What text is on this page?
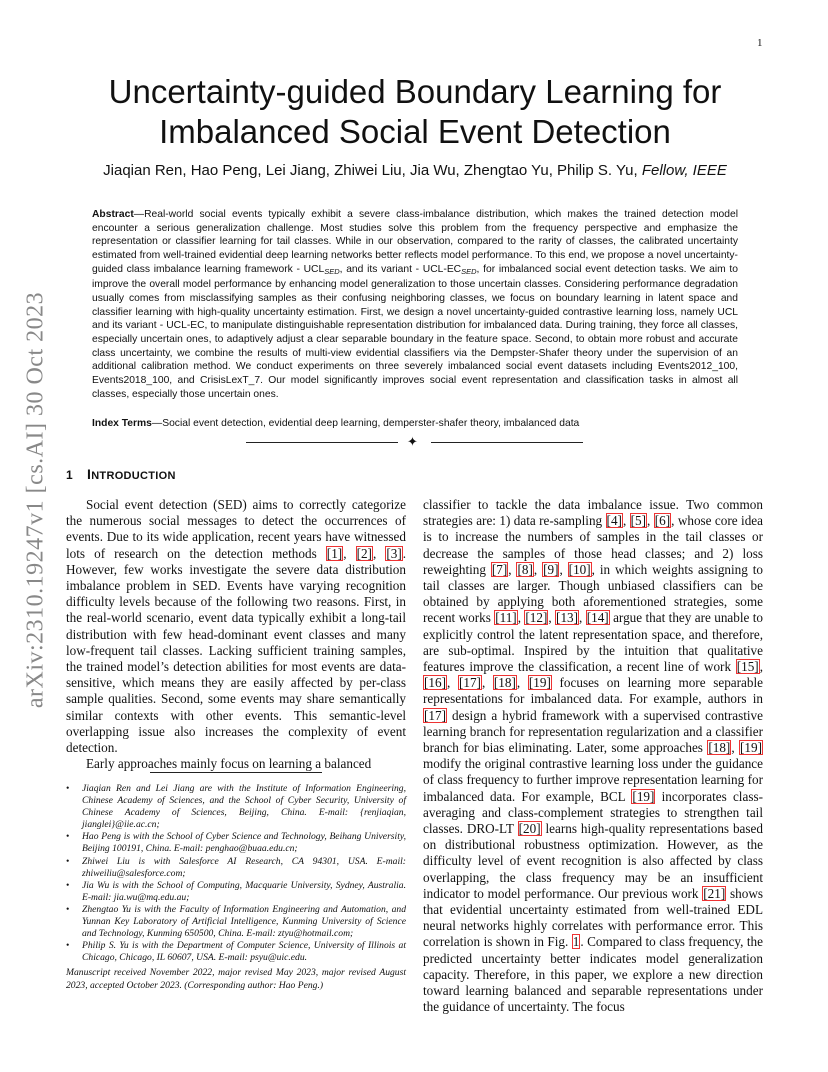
1
arXiv:2310.19247v1 [cs.AI] 30 Oct 2023
Uncertainty-guided Boundary Learning for
Imbalanced Social Event Detection
Jiaqian Ren, Hao Peng, Lei Jiang, Zhiwei Liu, Jia Wu, Zhengtao Yu, Philip S. Yu, Fellow, IEEE
Abstract—Real-world social events typically exhibit a severe class-imbalance distribution, which makes the trained detection model encounter a serious generalization challenge. Most studies solve this problem from the frequency perspective and emphasize the representation or classifier learning for tail classes. While in our observation, compared to the rarity of classes, the calibrated uncertainty estimated from well-trained evidential deep learning networks better reflects model performance. To this end, we propose a novel uncertainty-guided class imbalance learning framework - $UCL_{SED}$, and its variant - UCL-$EC_{SED}$, for imbalanced social event detection tasks. We aim to improve the overall model performance by enhancing model generalization to those uncertain classes. Considering performance degradation usually comes from misclassifying samples as their confusing neighboring classes, we focus on boundary learning in latent space and classifier learning with high-quality uncertainty estimation. First, we design a novel uncertainty-guided contrastive learning loss, namely UCL and its variant - UCL-EC, to manipulate distinguishable representation distribution for imbalanced data. During training, they force all classes, especially uncertain ones, to adaptively adjust a clear separable boundary in the feature space. Second, to obtain more robust and accurate class uncertainty, we combine the results of multi-view evidential classifiers via the Dempster-Shafer theory under the supervision of an additional calibration method. We conduct experiments on three severely imbalanced social event datasets including Events2012_100, Events2018_100, and CrisisLexT_7. Our model significantly improves social event representation and classification tasks in almost all classes, especially those uncertain ones.
Index Terms—Social event detection, evidential deep learning, demperster-shafer theory, imbalanced data
✦
1 INTRODUCTION

Social event detection (SED) aims to correctly categorize the numerous social messages to detect the occurrences of events. Due to its wide application, recent years have witnessed lots of research on the detection methods [1], [2], [3]. However, few works investigate the severe data distribution imbalance problem in SED. Events have varying recognition difficulty levels because of the following two reasons. First, in the real-world scenario, event data typically exhibit a long-tail distribution with few head-dominant event classes and many low-frequent tail classes. Lacking sufficient training samples, the trained model’s detection abilities for most events are data-sensitive, which means they are easily affected by per-class sample qualities. Second, some events may share semantically similar contexts with other events. This semantic-level overlapping issue also increases the complexity of event detection.

Early approaches mainly focus on learning a balanced

• Jiaqian Ren and Lei Jiang are with the Institute of Information Engineering, Chinese Academy of Sciences, and the School of Cyber Security, University of Chinese Academy of Sciences, Beijing, China. E-mail: {renjiaqian, jianglei}@iie.ac.cn;
• Hao Peng is with the School of Cyber Science and Technology, Beihang University, Beijing 100191, China. E-mail: penghao@buaa.edu.cn;
• Zhiwei Liu is with Salesforce AI Research, CA 94301, USA. E-mail: zhiweiliu@salesforce.com;
• Jia Wu is with the School of Computing, Macquarie University, Sydney, Australia. E-mail: jia.wu@mq.edu.au;
• Zhengtao Yu is with the Faculty of Information Engineering and Automation, and Yunnan Key Laboratory of Artificial Intelligence, Kunming University of Science and Technology, Kunming 650500, China. E-mail: ztyu@hotmail.com;
• Philip S. Yu is with the Department of Computer Science, University of Illinois at Chicago, Chicago, IL 60607, USA. E-mail: psyu@uic.edu.
Manuscript received November 2022, major revised May 2023, major revised August 2023, accepted October 2023. (Corresponding author: Hao Peng.)

classifier to tackle the data imbalance issue. Two common strategies are: 1) data re-sampling [4], [5], [6], whose core idea is to increase the numbers of samples in the tail classes or decrease the samples of those head classes; and 2) loss reweighting [7], [8], [9], [10], in which weights assigning to tail classes are larger. Though unbiased classifiers can be obtained by applying both aforementioned strategies, some recent works [11], [12], [13], [14] argue that they are unable to explicitly control the latent representation space, and therefore, are sub-optimal. Inspired by the intuition that qualitative features improve the classification, a recent line of work [15], [16], [17], [18], [19] focuses on learning more separable representations for imbalanced data. For example, authors in [17] design a hybrid framework with a supervised contrastive learning branch for representation regularization and a classifier branch for bias eliminating. Later, some approaches [18], [19] modify the original contrastive learning loss under the guidance of class frequency to further improve representation learning for imbalanced data. For example, BCL [19] incorporates class-averaging and class-complement strategies to strengthen tail classes. DRO-LT [20] learns high-quality representations based on distributional robustness optimization. However, as the difficulty level of event recognition is also affected by class overlapping, the class frequency may be an insufficient indicator to model performance. Our previous work [21] shows that evidential uncertainty estimated from well-trained EDL neural networks highly correlates with performance error. This correlation is shown in Fig. 1. Compared to class frequency, the predicted uncertainty better indicates model generalization capacity. Therefore, in this paper, we explore a new direction toward learning balanced and separable representations under the guidance of uncertainty. The focus
